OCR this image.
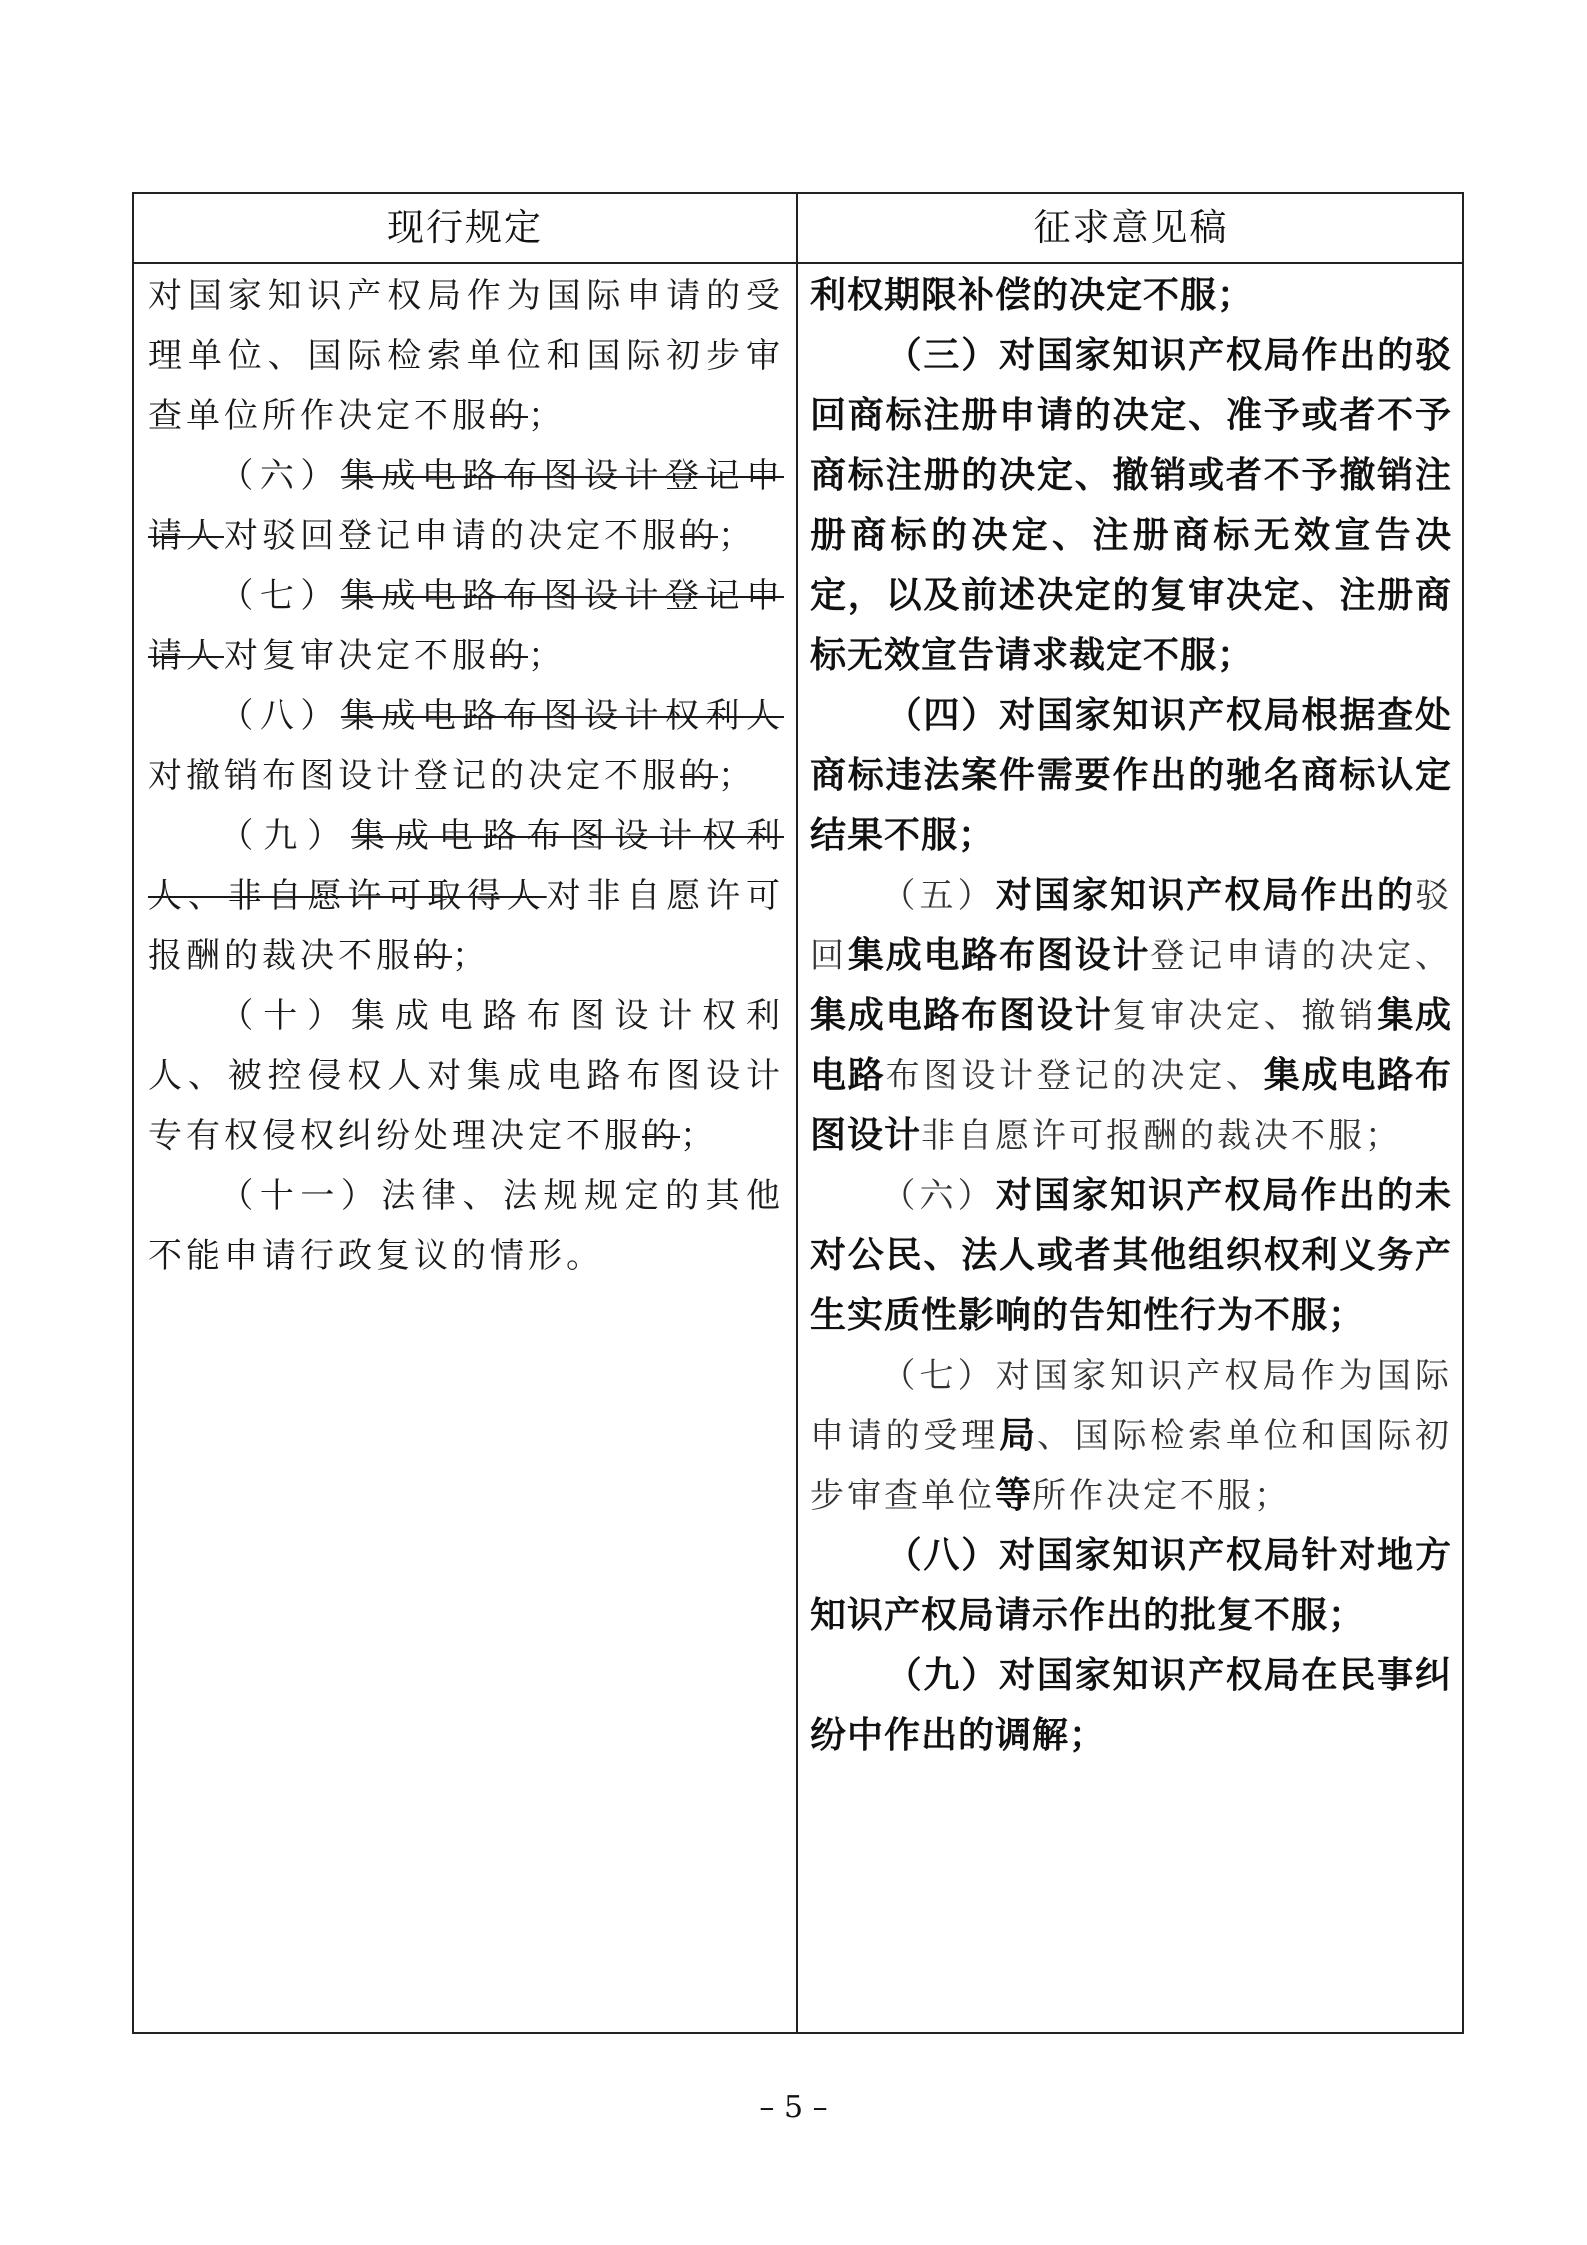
现行规定	征求意见稿

对国家知识产权局作为国际申请的受理单位、国际检索单位和国际初步审查单位所作决定不服的；

（六）集成电路布图设计登记申请人对驳回登记申请的决定不服的；

（七）集成电路布图设计登记申请人对复审决定不服的；

（八）集成电路布图设计权利人对撤销布图设计登记的决定不服的；

（九）集成电路布图设计权利人、非自愿许可取得人对非自愿许可报酬的裁决不服的；

（十）集成电路布图设计权利人、被控侵权人对集成电路布图设计专有权侵权纠纷处理决定不服的；

（十一）法律、法规规定的其他不能申请行政复议的情形。

利权期限补偿的决定不服；

（三）对国家知识产权局作出的驳回商标注册申请的决定、准予或者不予商标注册的决定、撤销或者不予撤销注册商标的决定、注册商标无效宣告决定，以及前述决定的复审决定、注册商标无效宣告请求裁定不服；

（四）对国家知识产权局根据查处商标违法案件需要作出的驰名商标认定结果不服；

（五）对国家知识产权局作出的驳回集成电路布图设计登记申请的决定、集成电路布图设计复审决定、撤销集成电路布图设计登记的决定、集成电路布图设计非自愿许可报酬的裁决不服；

（六）对国家知识产权局作出的未对公民、法人或者其他组织权利义务产生实质性影响的告知性行为不服；

（七）对国家知识产权局作为国际申请的受理局、国际检索单位和国际初步审查单位等所作决定不服；

（八）对国家知识产权局针对地方知识产权局请示作出的批复不服；

（九）对国家知识产权局在民事纠纷中作出的调解；

– 5 –
